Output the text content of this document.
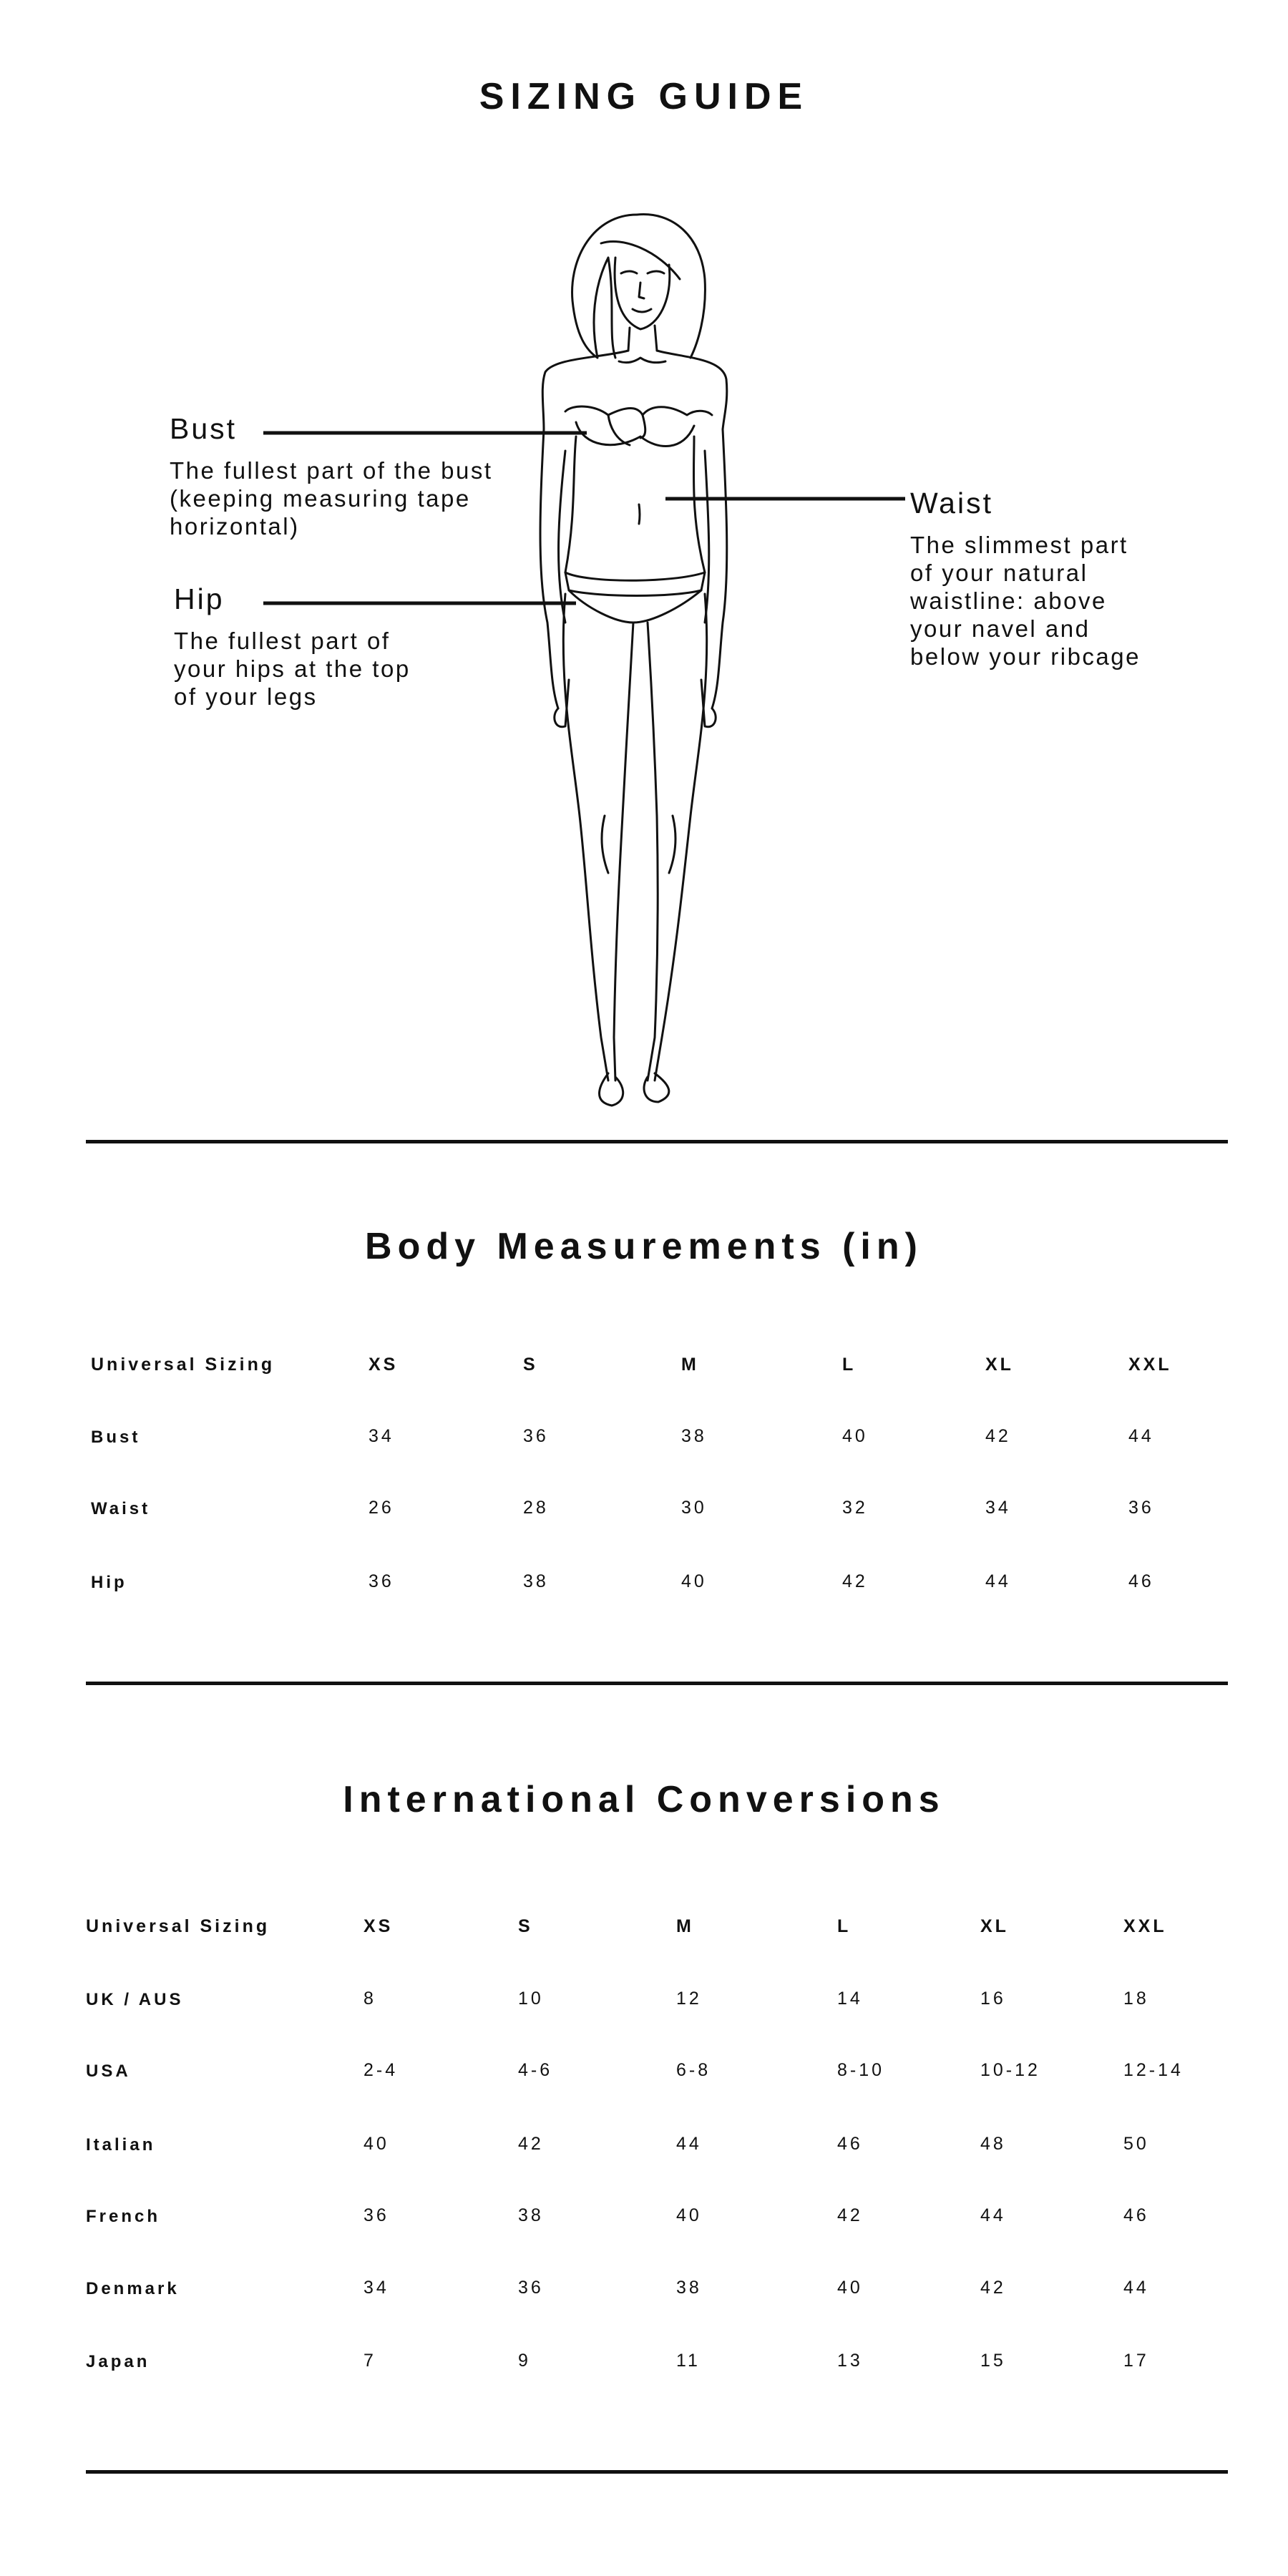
SIZING GUIDE
Bust
The fullest part of the bust
(keeping measuring tape
horizontal)
Hip
The fullest part of
your hips at the top
of your legs
Waist
The slimmest part
of your natural
waistline: above
your navel and
below your ribcage
Body Measurements (in)
Universal Sizing	XS	S	M	L	XL	XXL
Bust	34	36	38	40	42	44
Waist	26	28	30	32	34	36
Hip	36	38	40	42	44	46
International Conversions
Universal Sizing	XS	S	M	L	XL	XXL
UK / AUS	8	10	12	14	16	18
USA	2-4	4-6	6-8	8-10	10-12	12-14
Italian	40	42	44	46	48	50
French	36	38	40	42	44	46
Denmark	34	36	38	40	42	44
Japan	7	9	11	13	15	17
